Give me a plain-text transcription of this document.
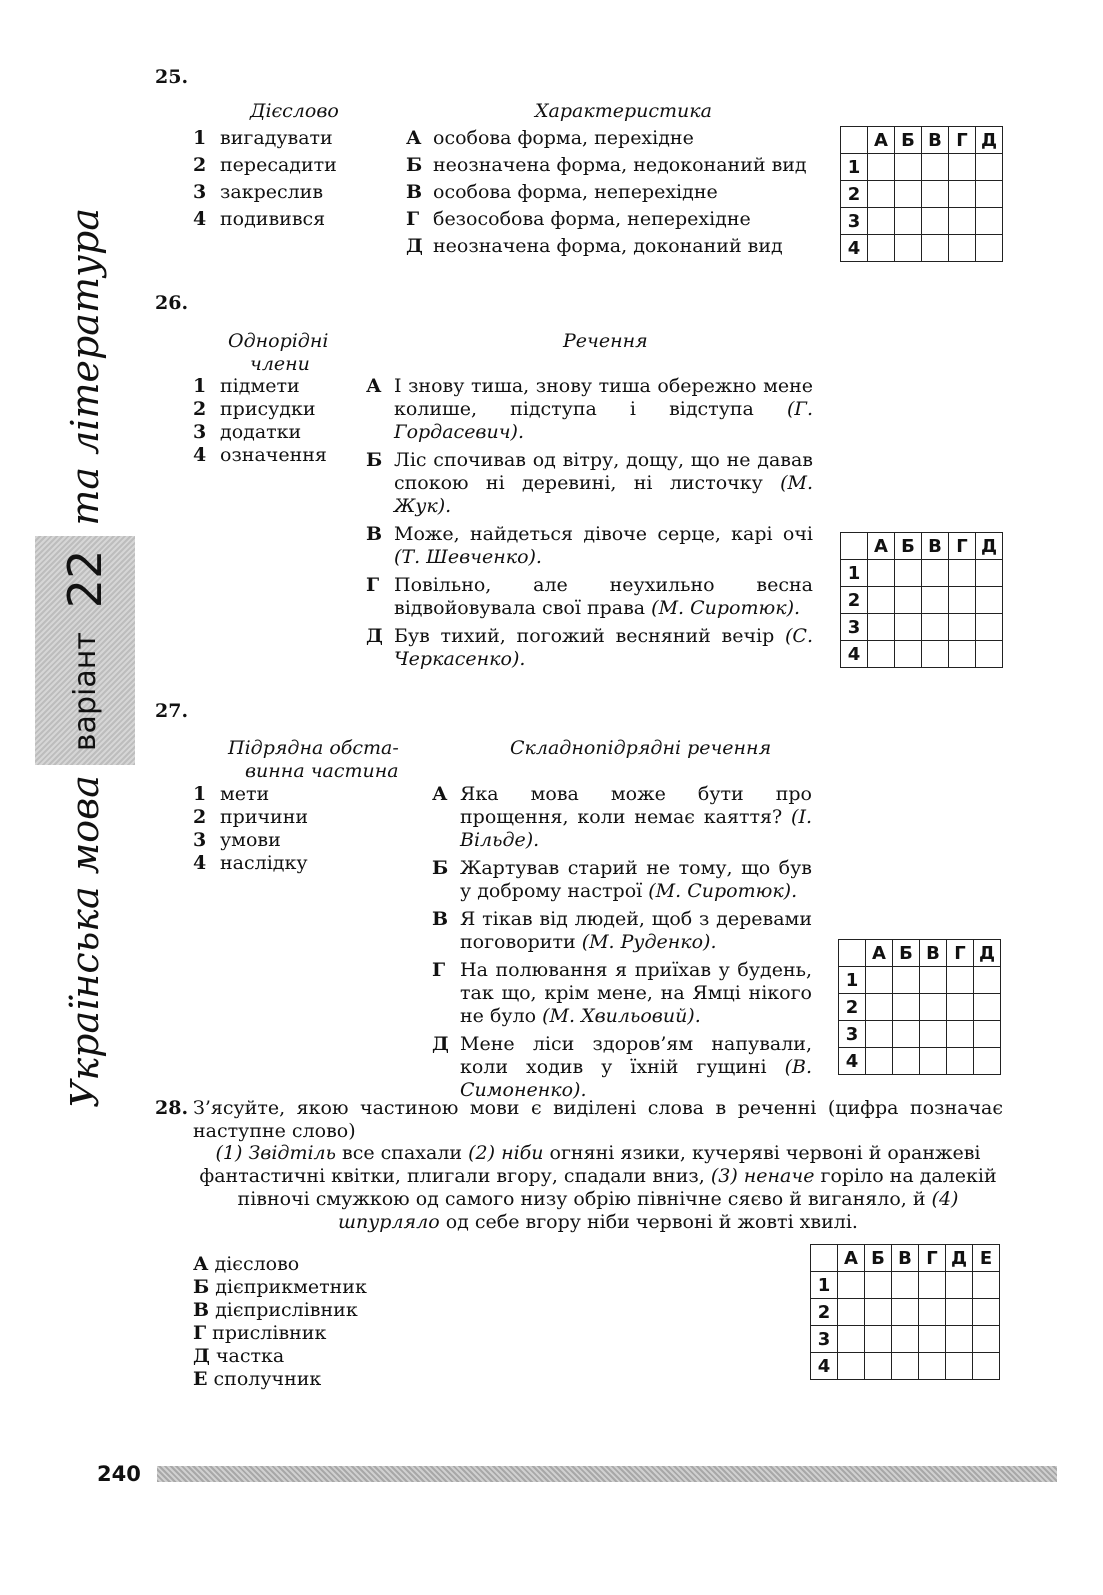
Українська мова
варіант
22
та література
25.
Дієслово	Характеристика
1 вигадувати
2 пересадити
3 закреслив
4 подивився
А особова форма, перехідне
Б неозначена форма, недоконаний вид
В особова форма, неперехідне
Г безособова форма, неперехідне
Д неозначена форма, доконаний вид
	А	Б	В	Г	Д
1					
2					
3					
4					
26.
Однорідні
члени
Речення
1 підмети
2 присудки
3 додатки
4 означення
А І знову тиша, знову тиша обережно мене колише, підступа і відступа (Г. Гордасевич).
Б Ліс спочивав од вітру, дощу, що не давав спокою ні деревині, ні листочку (М. Жук).
В Може, найдеться дівоче серце, карі очі (Т. Шевченко).
Г Повільно, але неухильно весна відвойовувала свої права (М. Сиротюк).
Д Був тихий, погожий весняний вечір (С. Черкасенко).
	А	Б	В	Г	Д
1					
2					
3					
4					
27.
Підрядна обста-
винна частина
Складнопідрядні речення
1 мети
2 причини
3 умови
4 наслідку
А Яка мова може бути про прощення, коли немає каяття? (І. Вільде).
Б Жартував старий не тому, що був у доброму настрої (М. Сиротюк).
В Я тікав від людей, щоб з деревами поговорити (М. Руденко).
Г На полювання я приїхав у будень, так що, крім мене, на Ямці нікого не було (М. Хвильовий).
Д Мене ліси здоров’ям напували, коли ходив у їхній гущині (В. Симоненко).
	А	Б	В	Г	Д
1					
2					
3					
4					
28. З’ясуйте, якою частиною мови є виділені слова в реченні (цифра позначає наступне слово)
(1) Звідтіль все спахали (2) ніби огняні язики, кучеряві червоні й оранжеві фантастичні квітки, плигали вгору, спадали вниз, (3) неначе горіло на далекій півночі смужкою од самого низу обрію північне сяєво й виганяло, й (4) шпурляло од себе вгору ніби червоні й жовті хвилі.
А дієслово
Б дієприкметник
В дієприслівник
Г прислівник
Д частка
Е сполучник
	А	Б	В	Г	Д	Е
1						
2						
3						
4						
240
